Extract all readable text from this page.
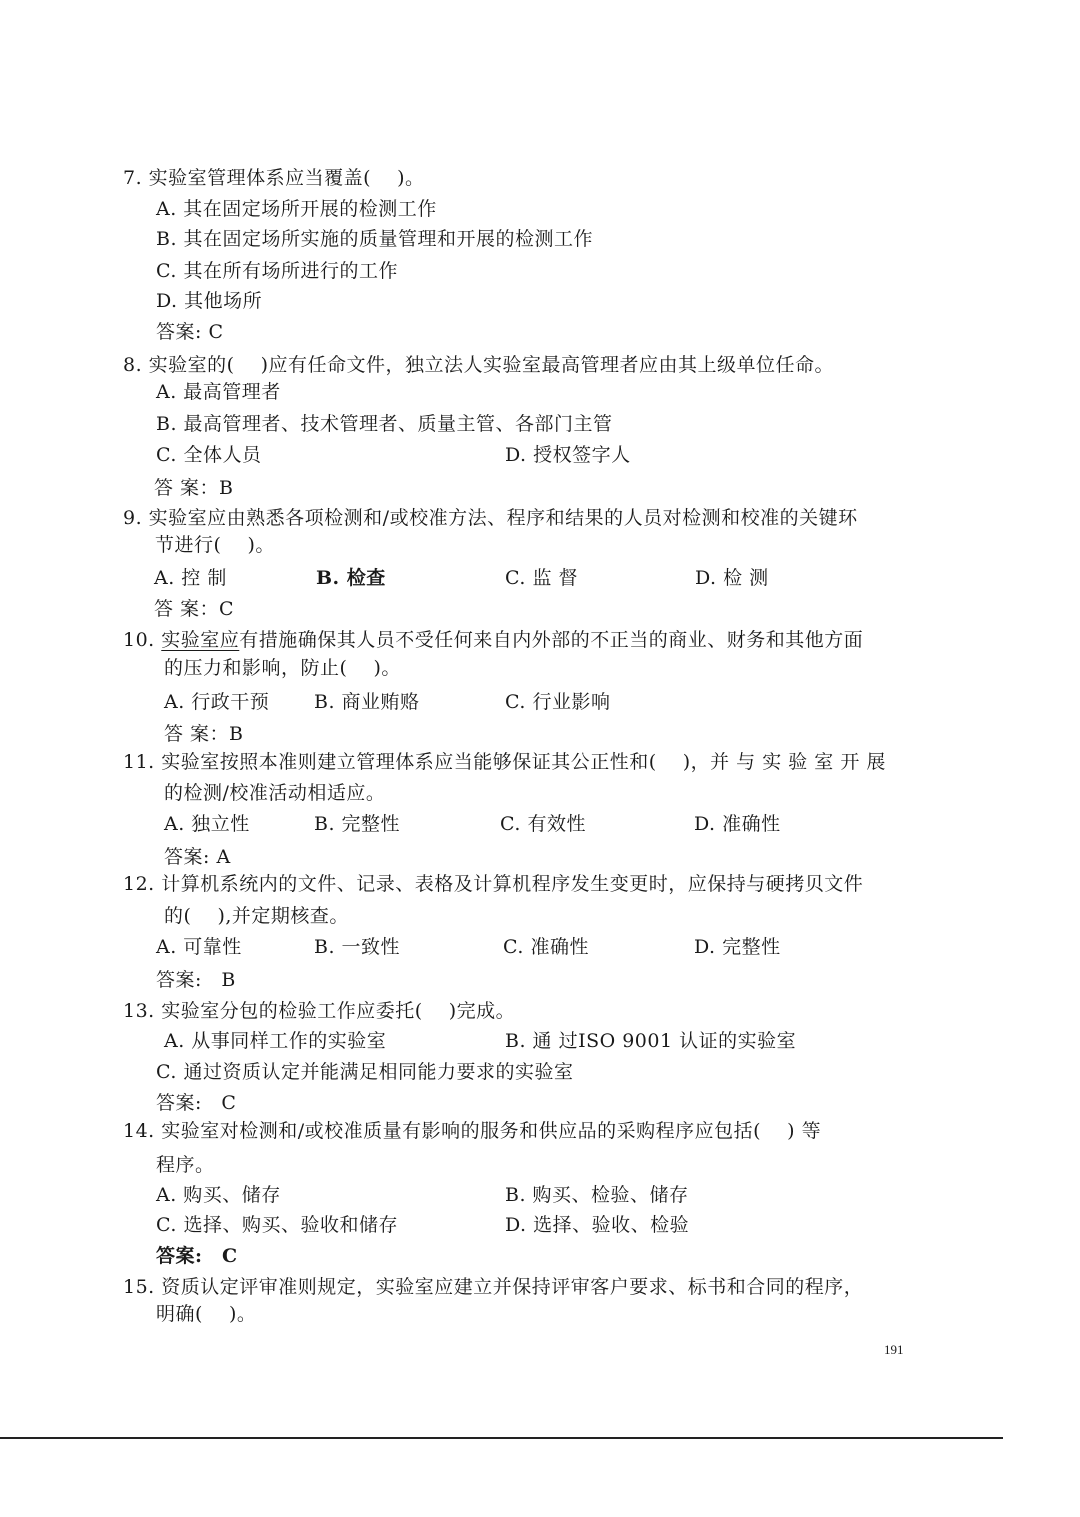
7. 实验室管理体系应当覆盖(　 )。
A. 其在固定场所开展的检测工作
B. 其在固定场所实施的质量管理和开展的检测工作
C. 其在所有场所进行的工作
D. 其他场所
答案: C
8. 实验室的(　 )应有任命文件，独立法人实验室最高管理者应由其上级单位任命。
A. 最高管理者
B. 最高管理者、技术管理者、质量主管、各部门主管
C. 全体人员	D. 授权签字人
答 案：B
9. 实验室应由熟悉各项检测和/或校准方法、程序和结果的人员对检测和校准的关键环
节进行(　 )。
A. 控 制	B. 检查	C. 监 督	D. 检 测
答 案：C
10. 实验室应有措施确保其人员不受任何来自内外部的不正当的商业、财务和其他方面
的压力和影响，防止(　 )。
A. 行政干预 B. 商业贿赂	C. 行业影响
答 案：B
11. 实验室按照本准则建立管理体系应当能够保证其公正性和(　 )，并 与 实 验 室 开 展
的检测/校准活动相适应。
A. 独立性	B. 完整性	C. 有效性	D. 准确性
答案: A
12. 计算机系统内的文件、记录、表格及计算机程序发生变更时，应保持与硬拷贝文件
的(　 ),并定期核查。
A. 可靠性	B. 一致性	C. 准确性	D. 完整性
答案:　B
13. 实验室分包的检验工作应委托(　 )完成。
A. 从事同样工作的实验室	B. 通 过ISO 9001 认证的实验室
C. 通过资质认定并能满足相同能力要求的实验室
答案:　C
14. 实验室对检测和/或校准质量有影响的服务和供应品的采购程序应包括(　 ) 等
程序。
A. 购买、储存	B. 购买、检验、储存
C. 选择、购买、验收和储存	D. 选择、验收、检验
答案:　C
15. 资质认定评审准则规定，实验室应建立并保持评审客户要求、标书和合同的程序，
明确(　 )。
191
